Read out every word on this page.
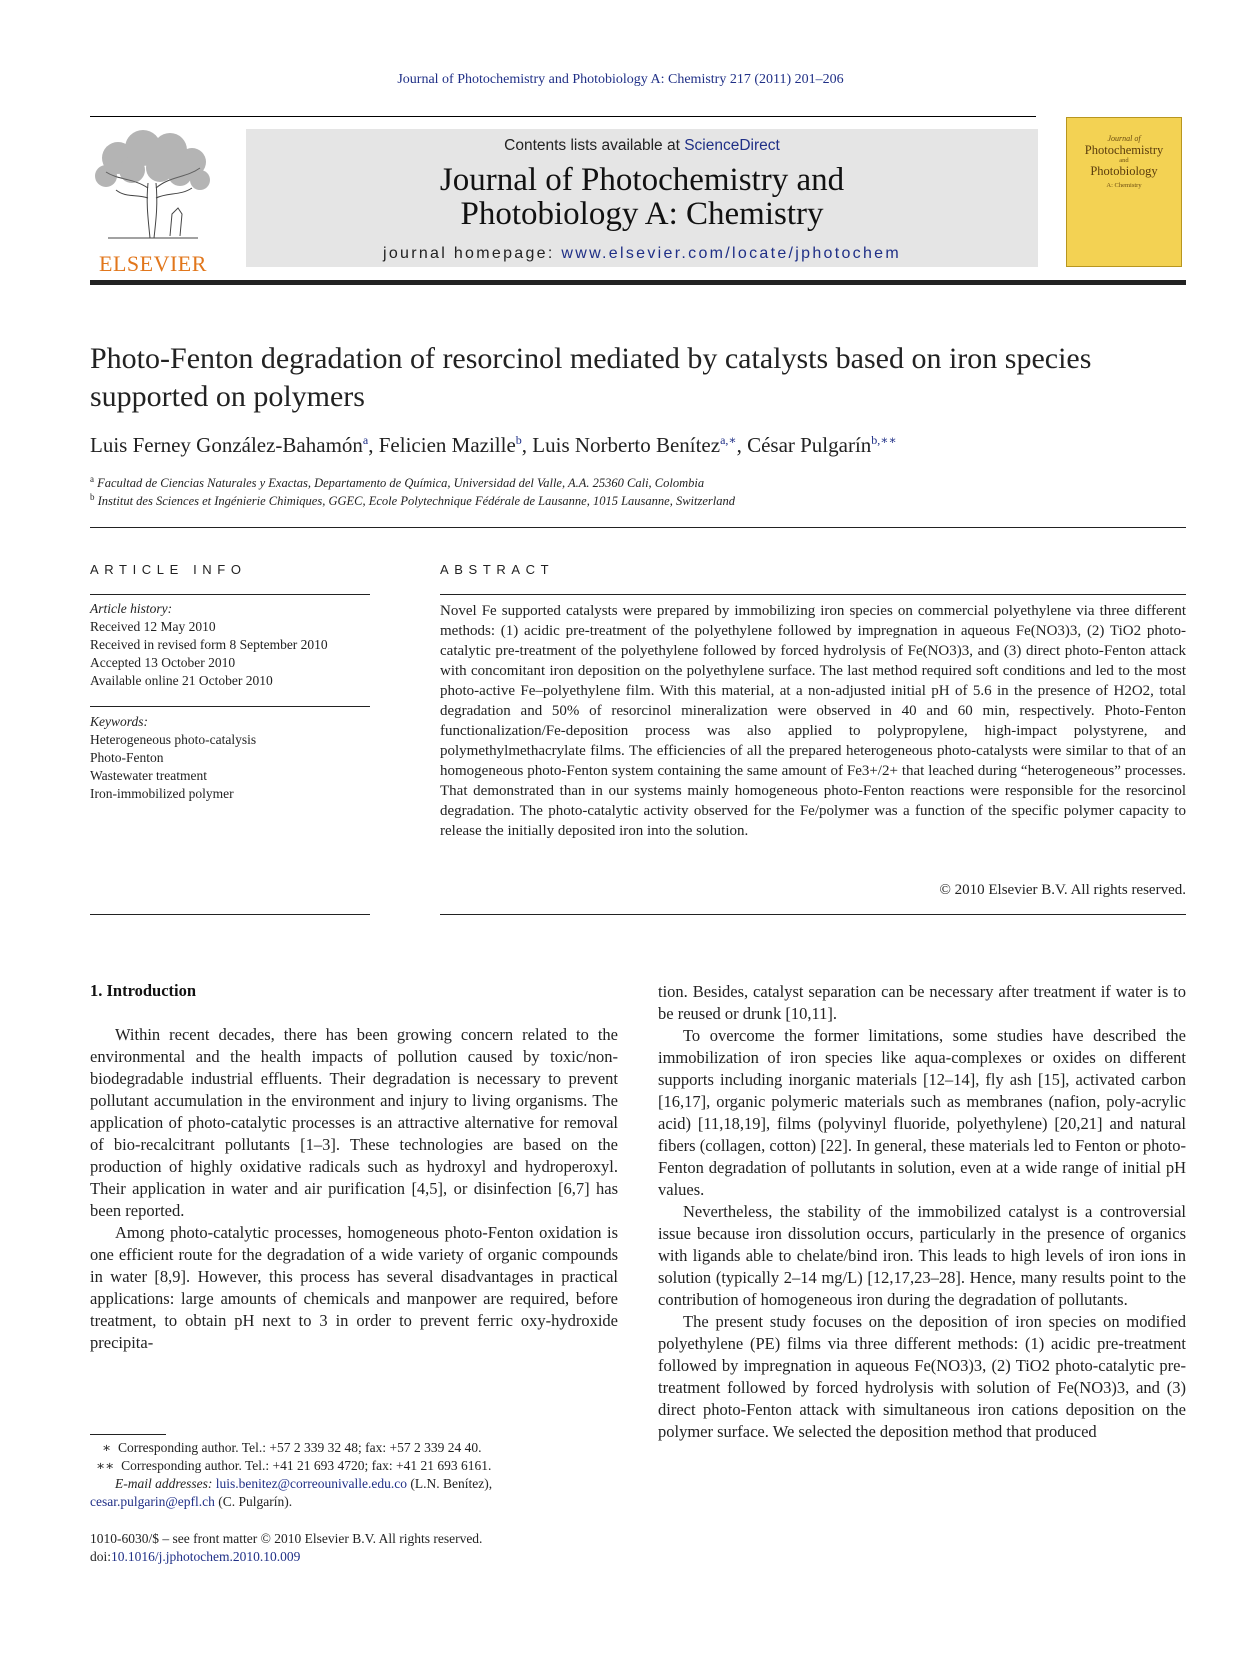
Journal of Photochemistry and Photobiology A: Chemistry 217 (2011) 201–206
ELSEVIER
Contents lists available at ScienceDirect
Journal of Photochemistry and Photobiology A: Chemistry
journal homepage: www.elsevier.com/locate/jphotochem
Journal of
Photochemistry
and
Photobiology
A: Chemistry
Photo-Fenton degradation of resorcinol mediated by catalysts based on iron species supported on polymers
Luis Ferney González-Bahamón$^a$, Felicien Mazille$^b$, Luis Norberto Benítez$^{a,∗}$, César Pulgarín$^{b,∗∗}$
$^a$ Facultad de Ciencias Naturales y Exactas, Departamento de Química, Universidad del Valle, A.A. 25360 Cali, Colombia
$^b$ Institut des Sciences et Ingénierie Chimiques, GGEC, Ecole Polytechnique Fédérale de Lausanne, 1015 Lausanne, Switzerland
ARTICLE INFO
Article history:
Received 12 May 2010
Received in revised form 8 September 2010
Accepted 13 October 2010
Available online 21 October 2010
Keywords:
Heterogeneous photo-catalysis
Photo-Fenton
Wastewater treatment
Iron-immobilized polymer
ABSTRACT
Novel Fe supported catalysts were prepared by immobilizing iron species on commercial polyethylene via three different methods: (1) acidic pre-treatment of the polyethylene followed by impregnation in aqueous Fe(NO3)3, (2) TiO2 photo-catalytic pre-treatment of the polyethylene followed by forced hydrolysis of Fe(NO3)3, and (3) direct photo-Fenton attack with concomitant iron deposition on the polyethylene surface. The last method required soft conditions and led to the most photo-active Fe–polyethylene film. With this material, at a non-adjusted initial pH of 5.6 in the presence of H2O2, total degradation and 50% of resorcinol mineralization were observed in 40 and 60 min, respectively. Photo-Fenton functionalization/Fe-deposition process was also applied to polypropylene, high-impact polystyrene, and polymethylmethacrylate films. The efficiencies of all the prepared heterogeneous photo-catalysts were similar to that of an homogeneous photo-Fenton system containing the same amount of Fe3+/2+ that leached during “heterogeneous” processes. That demonstrated than in our systems mainly homogeneous photo-Fenton reactions were responsible for the resorcinol degradation. The photo-catalytic activity observed for the Fe/polymer was a function of the specific polymer capacity to release the initially deposited iron into the solution.
© 2010 Elsevier B.V. All rights reserved.
1. Introduction

Within recent decades, there has been growing concern related to the environmental and the health impacts of pollution caused by toxic/non-biodegradable industrial effluents. Their degradation is necessary to prevent pollutant accumulation in the environment and injury to living organisms. The application of photo-catalytic processes is an attractive alternative for removal of bio-recalcitrant pollutants [1–3]. These technologies are based on the production of highly oxidative radicals such as hydroxyl and hydroperoxyl. Their application in water and air purification [4,5], or disinfection [6,7] has been reported.

Among photo-catalytic processes, homogeneous photo-Fenton oxidation is one efficient route for the degradation of a wide variety of organic compounds in water [8,9]. However, this process has several disadvantages in practical applications: large amounts of chemicals and manpower are required, before treatment, to obtain pH next to 3 in order to prevent ferric oxy-hydroxide precipita-

tion. Besides, catalyst separation can be necessary after treatment if water is to be reused or drunk [10,11].

To overcome the former limitations, some studies have described the immobilization of iron species like aqua-complexes or oxides on different supports including inorganic materials [12–14], fly ash [15], activated carbon [16,17], organic polymeric materials such as membranes (nafion, poly-acrylic acid) [11,18,19], films (polyvinyl fluoride, polyethylene) [20,21] and natural fibers (collagen, cotton) [22]. In general, these materials led to Fenton or photo-Fenton degradation of pollutants in solution, even at a wide range of initial pH values.

Nevertheless, the stability of the immobilized catalyst is a controversial issue because iron dissolution occurs, particularly in the presence of organics with ligands able to chelate/bind iron. This leads to high levels of iron ions in solution (typically 2–14 mg/L) [12,17,23–28]. Hence, many results point to the contribution of homogeneous iron during the degradation of pollutants.

The present study focuses on the deposition of iron species on modified polyethylene (PE) films via three different methods: (1) acidic pre-treatment followed by impregnation in aqueous Fe(NO3)3, (2) TiO2 photo-catalytic pre-treatment followed by forced hydrolysis with solution of Fe(NO3)3, and (3) direct photo-Fenton attack with simultaneous iron cations deposition on the polymer surface. We selected the deposition method that produced

∗ Corresponding author. Tel.: +57 2 339 32 48; fax: +57 2 339 24 40.
∗∗ Corresponding author. Tel.: +41 21 693 4720; fax: +41 21 693 6161.
E-mail addresses: luis.benitez@correounivalle.edu.co (L.N. Benítez),
cesar.pulgarin@epfl.ch (C. Pulgarín).
1010-6030/$ – see front matter © 2010 Elsevier B.V. All rights reserved.
doi:10.1016/j.jphotochem.2010.10.009
